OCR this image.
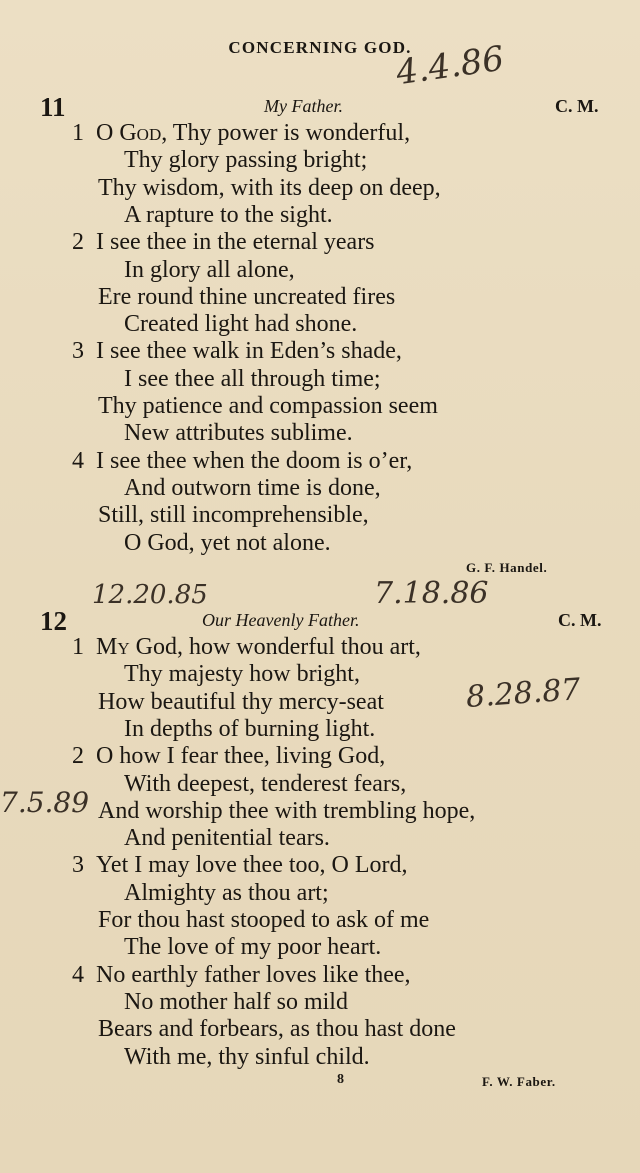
CONCERNING GOD.
4.4.86
12.20.85	7.18.86
8.28.87
7.5.89
11	My Father.	C. M.
1 O God, Thy power is wonderful,
Thy glory passing bright;
Thy wisdom, with its deep on deep,
A rapture to the sight.
2 I see thee in the eternal years
In glory all alone,
Ere round thine uncreated fires
Created light had shone.
3 I see thee walk in Eden’s shade,
I see thee all through time;
Thy patience and compassion seem
New attributes sublime.
4 I see thee when the doom is o’er,
And outworn time is done,
Still, still incomprehensible,
O God, yet not alone.
G. F. Handel.
12	Our Heavenly Father.	C. M.
1 My God, how wonderful thou art,
Thy majesty how bright,
How beautiful thy mercy-seat
In depths of burning light.
2 O how I fear thee, living God,
With deepest, tenderest fears,
And worship thee with trembling hope,
And penitential tears.
3 Yet I may love thee too, O Lord,
Almighty as thou art;
For thou hast stooped to ask of me
The love of my poor heart.
4 No earthly father loves like thee,
No mother half so mild
Bears and forbears, as thou hast done
With me, thy sinful child.
8	F. W. Faber.
